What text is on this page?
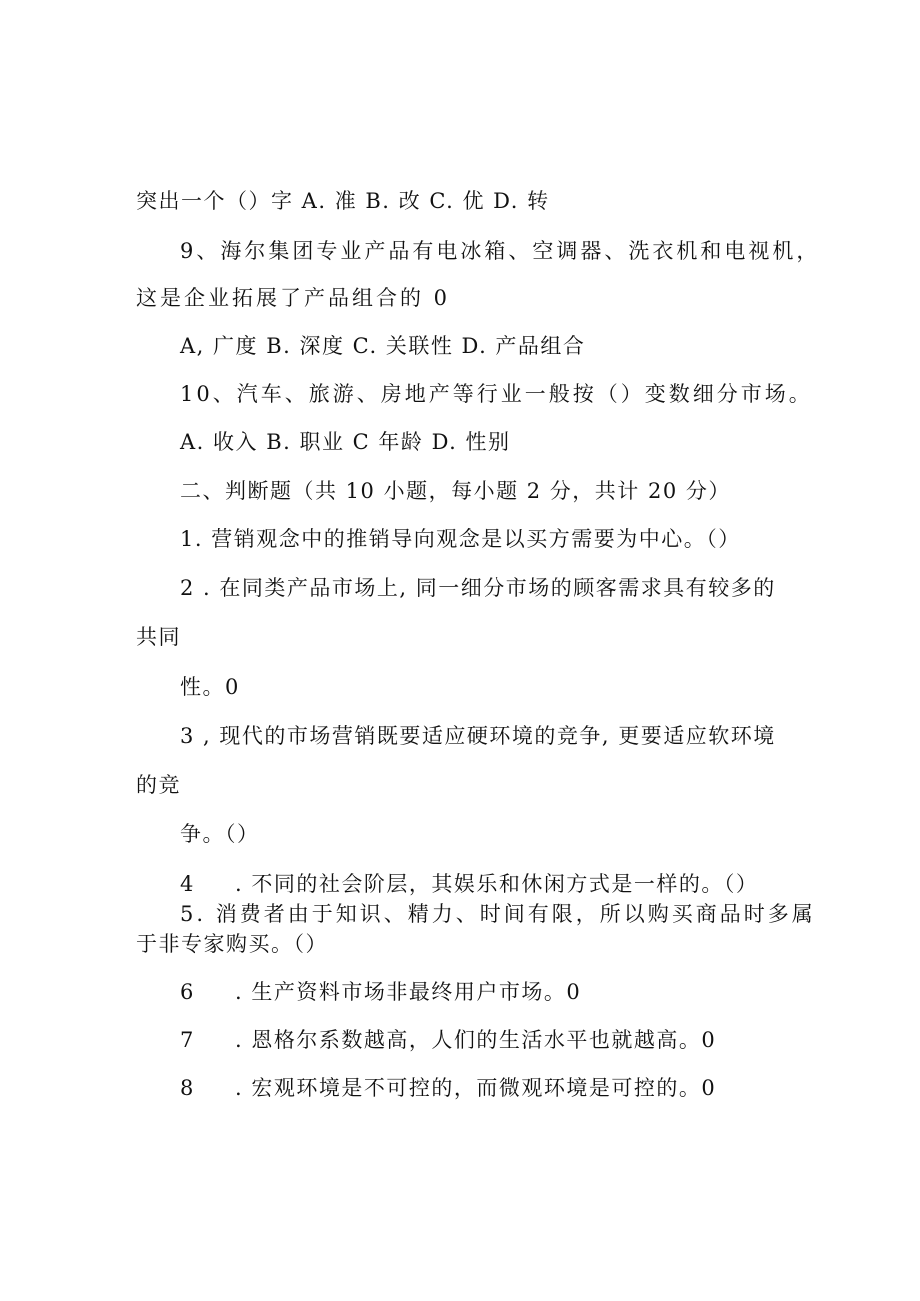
突出一个（）字 A. 准 B. 改 C. 优 D. 转
9、海尔集团专业产品有电冰箱、空调器、洗衣机和电视机，
这是企业拓展了产品组合的 0
A, 广度 B. 深度 C. 关联性 D. 产品组合
10、汽车、旅游、房地产等行业一般按（）变数细分市场。
A. 收入 B. 职业 C 年龄 D. 性别
二、判断题（共 10 小题，每小题 2 分，共计 20 分）
1. 营销观念中的推销导向观念是以买方需要为中心。（）
2 . 在同类产品市场上, 同一细分市场的顾客需求具有较多的
共同
性。0
3 , 现代的市场营销既要适应硬环境的竞争, 更要适应软环境
的竞
争。（）
4 . 不同的社会阶层，其娱乐和休闲方式是一样的。（）
5. 消费者由于知识、精力、时间有限，所以购买商品时多属
于非专家购买。（）
6 . 生产资料市场非最终用户市场。0
7 . 恩格尔系数越高，人们的生活水平也就越高。0
8 . 宏观环境是不可控的，而微观环境是可控的。0
